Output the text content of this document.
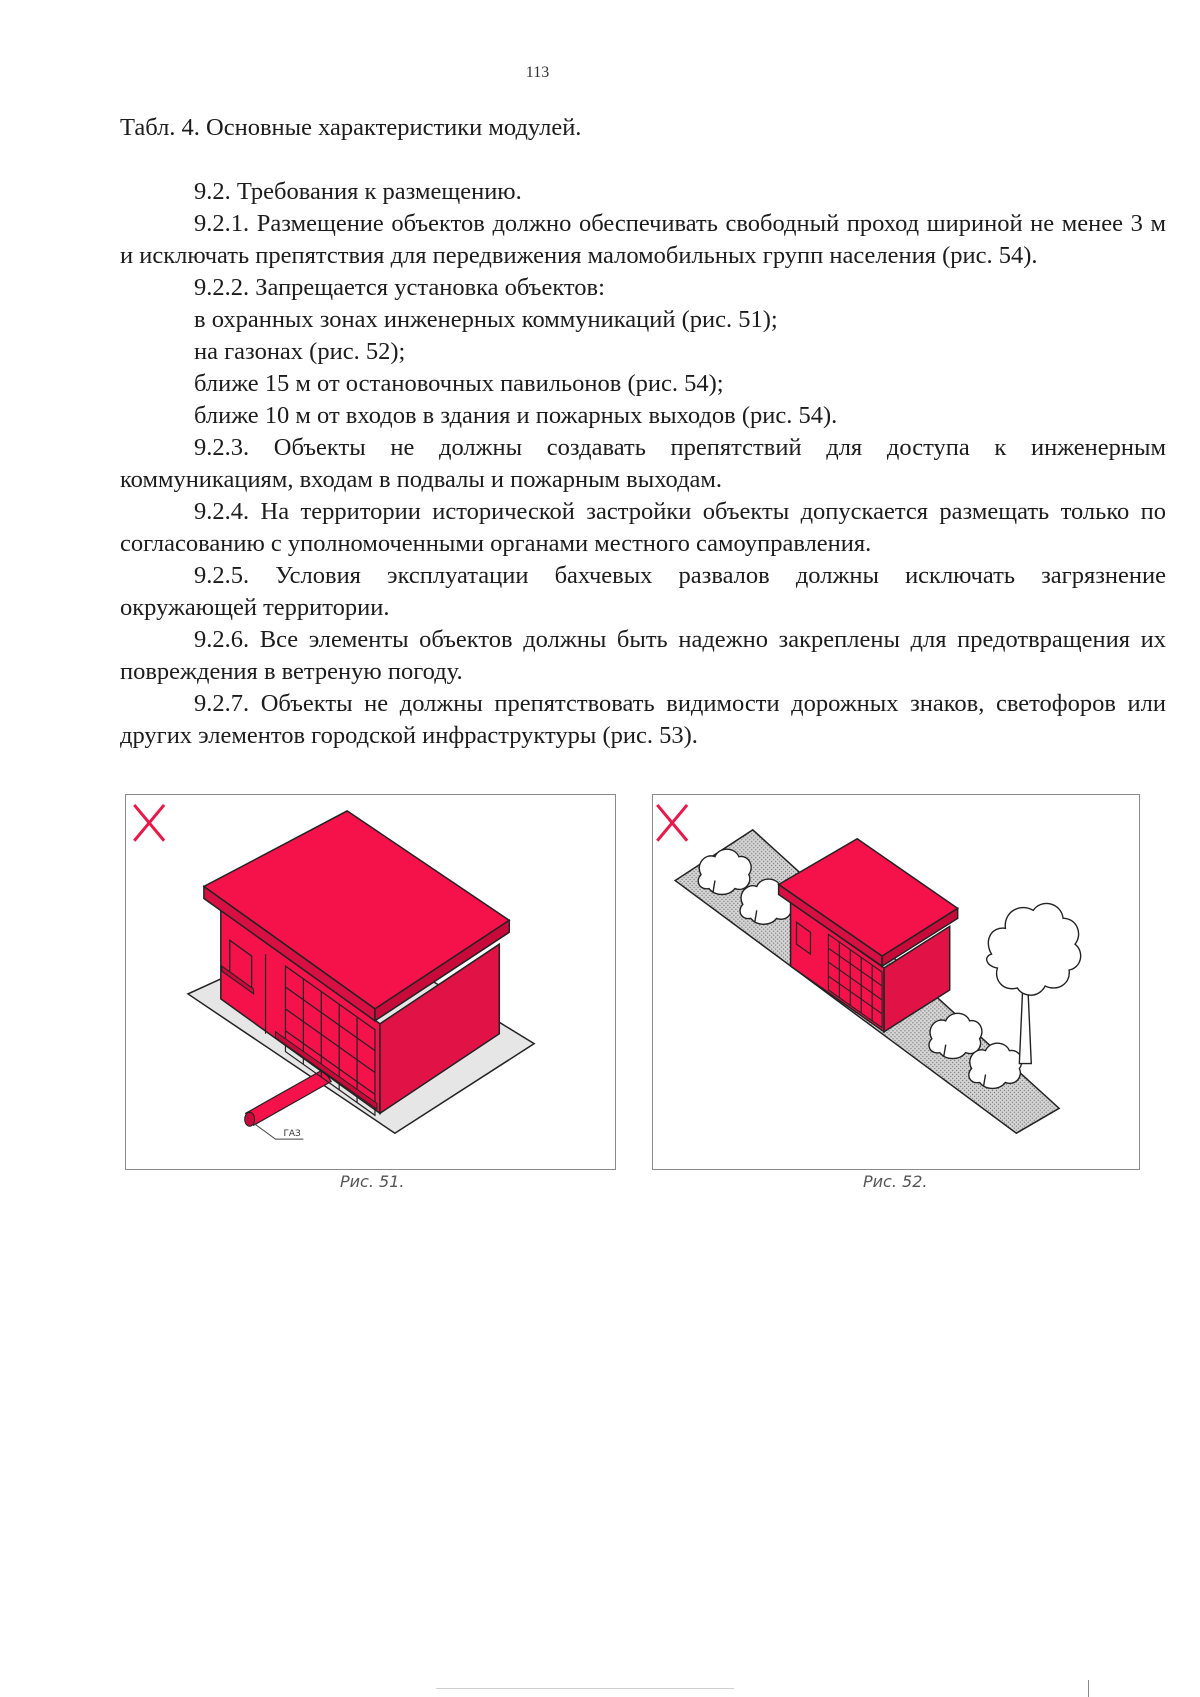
113

Табл. 4. Основные характеристики модулей.

9.2. Требования к размещению.

9.2.1. Размещение объектов должно обеспечивать свободный проход шириной не менее 3 м и исключать препятствия для передвижения маломобильных групп населения (рис. 54).

9.2.2. Запрещается установка объектов:

в охранных зонах инженерных коммуникаций (рис. 51);

на газонах (рис. 52);

ближе 15 м от остановочных павильонов (рис. 54);

ближе 10 м от входов в здания и пожарных выходов (рис. 54).

9.2.3. Объекты не должны создавать препятствий для доступа к инженерным коммуникациям, входам в подвалы и пожарным выходам.

9.2.4. На территории исторической застройки объекты допускается размещать только по согласованию с уполномоченными органами местного самоуправления.

9.2.5. Условия эксплуатации бахчевых развалов должны исключать загрязнение окружающей территории.

9.2.6. Все элементы объектов должны быть надежно закреплены для предотвращения их повреждения в ветреную погоду.

9.2.7. Объекты не должны препятствовать видимости дорожных знаков, светофоров или других элементов городской инфраструктуры (рис. 53).

ГАЗ
Рис. 51.	Рис. 52.
